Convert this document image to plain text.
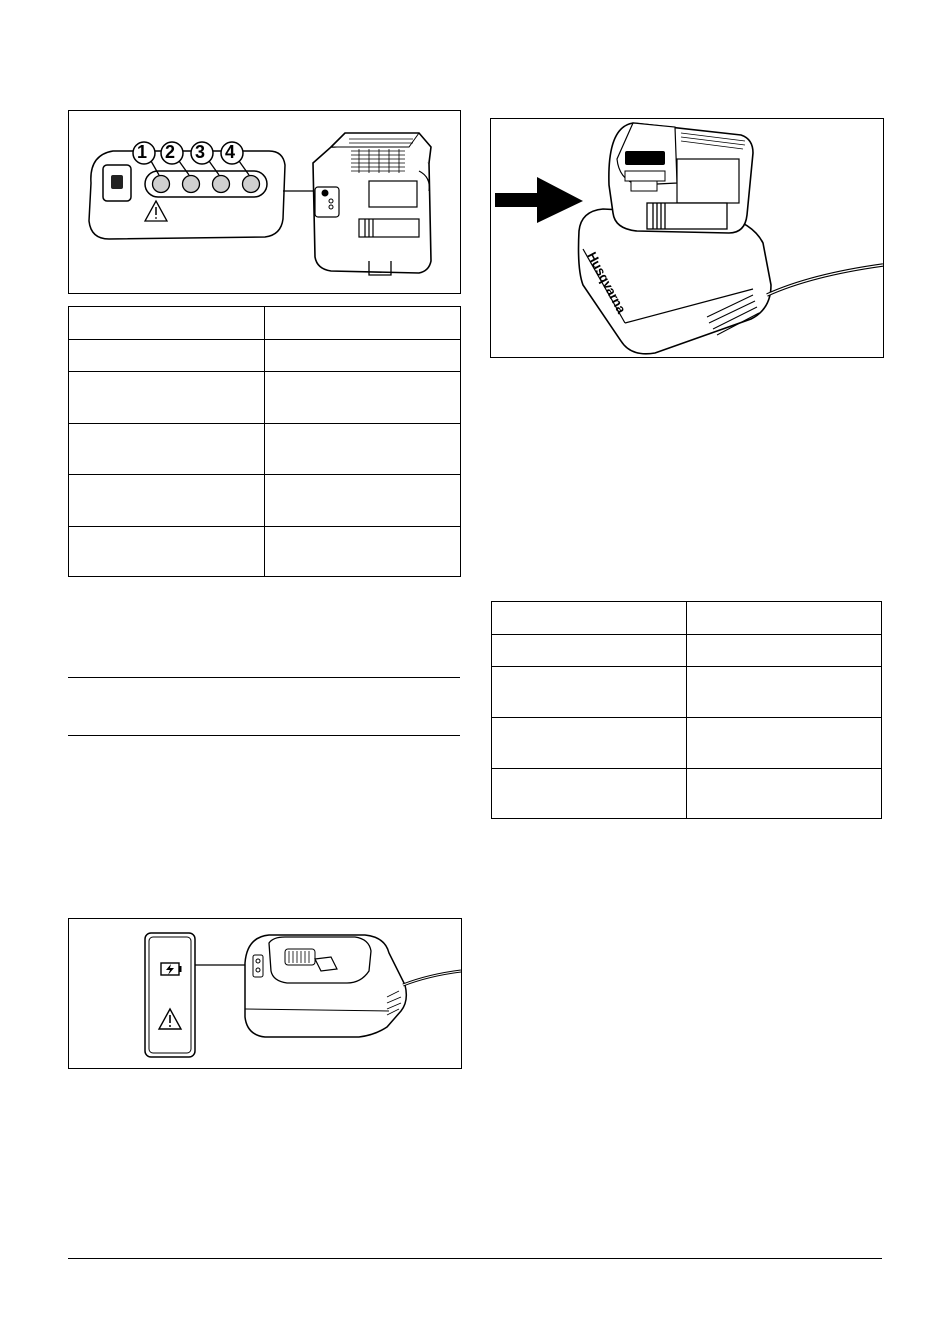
1 2 3 4

Husqvarna
